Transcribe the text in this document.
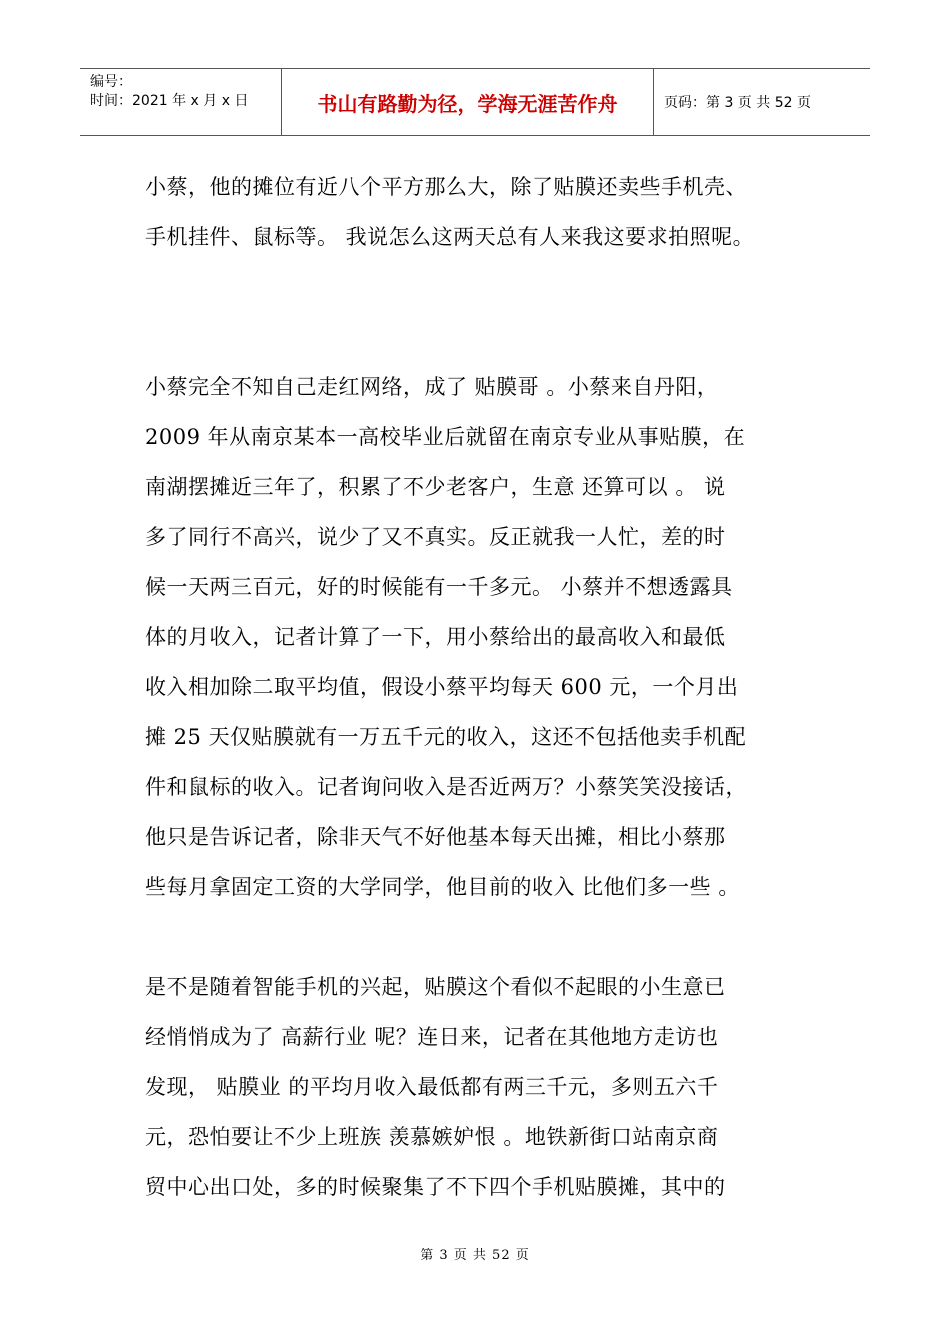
编号：
时间：2021 年 x 月 x 日	书山有路勤为径，学海无涯苦作舟	页码：第 3 页 共 52 页

小蔡，他的摊位有近八个平方那么大，除了贴膜还卖些手机壳、
手机挂件、鼠标等。 我说怎么这两天总有人来我这要求拍照呢。

小蔡完全不知自己走红网络，成了 贴膜哥 。小蔡来自丹阳，
2009 年从南京某本一高校毕业后就留在南京专业从事贴膜，在
南湖摆摊近三年了，积累了不少老客户，生意 还算可以 。 说
多了同行不高兴，说少了又不真实。反正就我一人忙，差的时
候一天两三百元，好的时候能有一千多元。 小蔡并不想透露具
体的月收入，记者计算了一下，用小蔡给出的最高收入和最低
收入相加除二取平均值，假设小蔡平均每天 600 元，一个月出
摊 25 天仅贴膜就有一万五千元的收入，这还不包括他卖手机配
件和鼠标的收入。记者询问收入是否近两万？小蔡笑笑没接话，
他只是告诉记者，除非天气不好他基本每天出摊，相比小蔡那
些每月拿固定工资的大学同学，他目前的收入 比他们多一些 。

是不是随着智能手机的兴起，贴膜这个看似不起眼的小生意已
经悄悄成为了 高薪行业 呢？连日来，记者在其他地方走访也
发现， 贴膜业 的平均月收入最低都有两三千元，多则五六千
元，恐怕要让不少上班族 羡慕嫉妒恨 。地铁新街口站南京商
贸中心出口处，多的时候聚集了不下四个手机贴膜摊，其中的

第 3 页 共 52 页
